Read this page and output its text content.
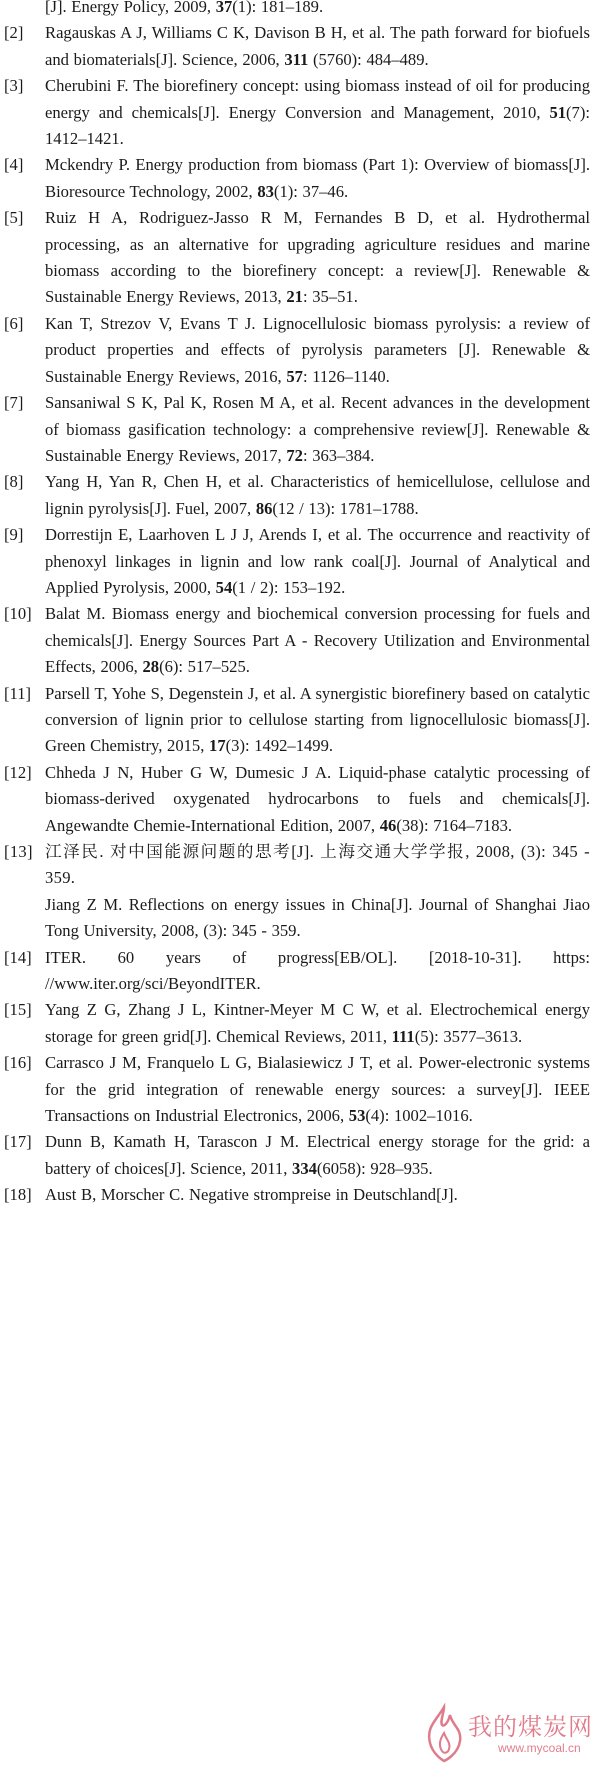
[J]. Energy Policy, 2009, 37(1): 181–189.
[2] Ragauskas A J, Williams C K, Davison B H, et al. The path forward for biofuels and biomaterials[J]. Science, 2006, 311 (5760): 484–489.
[3] Cherubini F. The biorefinery concept: using biomass instead of oil for producing energy and chemicals[J]. Energy Conversion and Management, 2010, 51(7): 1412–1421.
[4] Mckendry P. Energy production from biomass (Part 1): Overview of biomass[J]. Bioresource Technology, 2002, 83(1): 37–46.
[5] Ruiz H A, Rodriguez-Jasso R M, Fernandes B D, et al. Hydrothermal processing, as an alternative for upgrading agriculture residues and marine biomass according to the biorefinery concept: a review[J]. Renewable & Sustainable Energy Reviews, 2013, 21: 35–51.
[6] Kan T, Strezov V, Evans T J. Lignocellulosic biomass pyrolysis: a review of product properties and effects of pyrolysis parameters [J]. Renewable & Sustainable Energy Reviews, 2016, 57: 1126–1140.
[7] Sansaniwal S K, Pal K, Rosen M A, et al. Recent advances in the development of biomass gasification technology: a comprehensive review[J]. Renewable & Sustainable Energy Reviews, 2017, 72: 363–384.
[8] Yang H, Yan R, Chen H, et al. Characteristics of hemicellulose, cellulose and lignin pyrolysis[J]. Fuel, 2007, 86(12 / 13): 1781–1788.
[9] Dorrestijn E, Laarhoven L J J, Arends I, et al. The occurrence and reactivity of phenoxyl linkages in lignin and low rank coal[J]. Journal of Analytical and Applied Pyrolysis, 2000, 54(1 / 2): 153–192.
[10] Balat M. Biomass energy and biochemical conversion processing for fuels and chemicals[J]. Energy Sources Part A - Recovery Utilization and Environmental Effects, 2006, 28(6): 517–525.
[11] Parsell T, Yohe S, Degenstein J, et al. A synergistic biorefinery based on catalytic conversion of lignin prior to cellulose starting from lignocellulosic biomass[J]. Green Chemistry, 2015, 17(3): 1492–1499.
[12] Chheda J N, Huber G W, Dumesic J A. Liquid-phase catalytic processing of biomass-derived oxygenated hydrocarbons to fuels and chemicals[J]. Angewandte Chemie-International Edition, 2007, 46(38): 7164–7183.
[13] 江泽民. 对中国能源问题的思考[J]. 上海交通大学学报, 2008, (3): 345 - 359.
Jiang Z M. Reflections on energy issues in China[J]. Journal of Shanghai Jiao Tong University, 2008, (3): 345 - 359.
[14] ITER. 60 years of progress[EB/OL]. [2018-10-31]. https: //www.iter.org/sci/BeyondITER.
[15] Yang Z G, Zhang J L, Kintner-Meyer M C W, et al. Electrochemical energy storage for green grid[J]. Chemical Reviews, 2011, 111(5): 3577–3613.
[16] Carrasco J M, Franquelo L G, Bialasiewicz J T, et al. Power-electronic systems for the grid integration of renewable energy sources: a survey[J]. IEEE Transactions on Industrial Electronics, 2006, 53(4): 1002–1016.
[17] Dunn B, Kamath H, Tarascon J M. Electrical energy storage for the grid: a battery of choices[J]. Science, 2011, 334(6058): 928–935.
[18] Aust B, Morscher C. Negative strompreise in Deutschland[J].
我的煤炭网
www.mycoal.cn
